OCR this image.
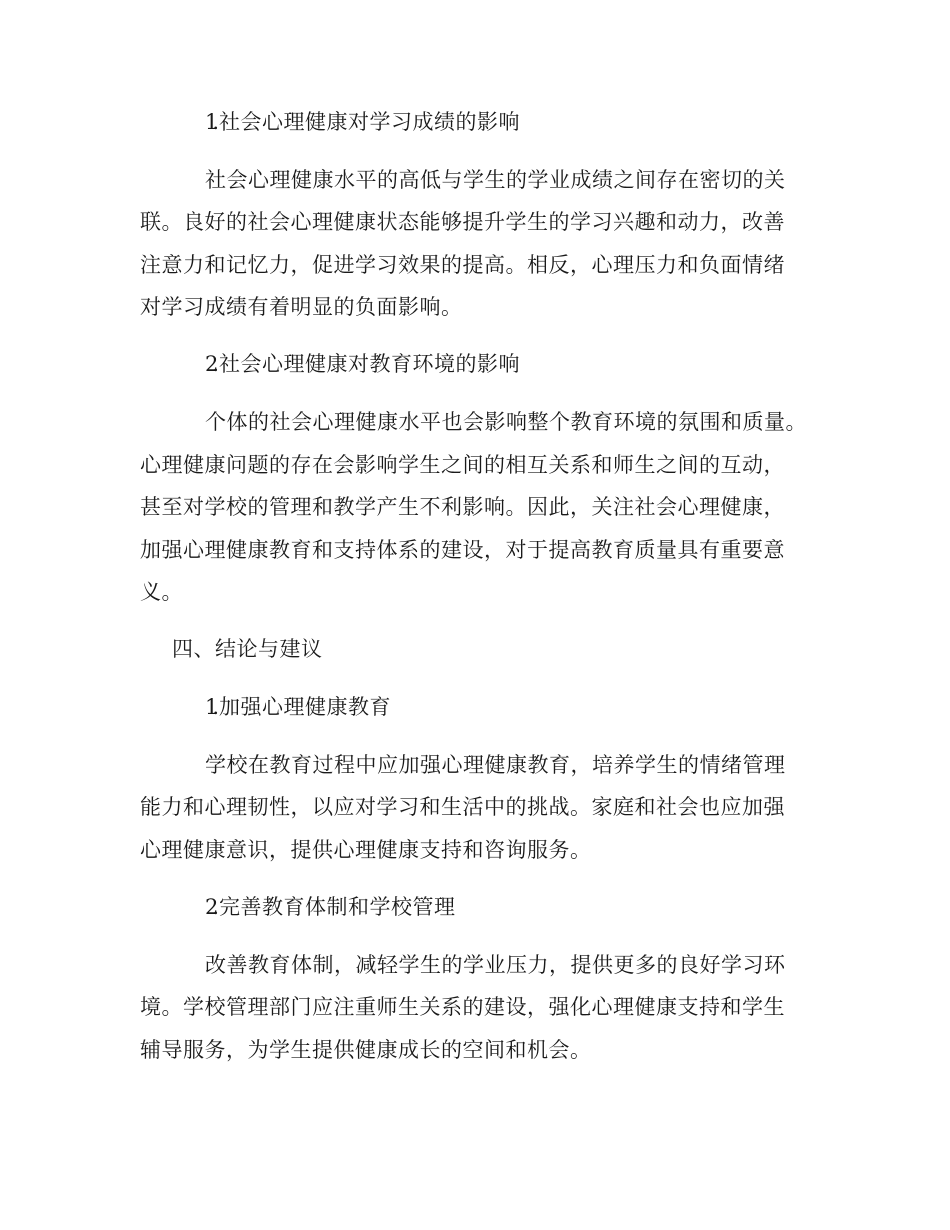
1. 社会心理健康对学习成绩的影响
社会心理健康水平的高低与学生的学业成绩之间存在密切的关
联。良好的社会心理健康状态能够提升学生的学习兴趣和动力，改善
注意力和记忆力，促进学习效果的提高。相反，心理压力和负面情绪
对学习成绩有着明显的负面影响。
2. 社会心理健康对教育环境的影响
个体的社会心理健康水平也会影响整个教育环境的氛围和质量。
心理健康问题的存在会影响学生之间的相互关系和师生之间的互动，
甚至对学校的管理和教学产生不利影响。因此，关注社会心理健康，
加强心理健康教育和支持体系的建设，对于提高教育质量具有重要意
义。
四、结论与建议
1. 加强心理健康教育
学校在教育过程中应加强心理健康教育，培养学生的情绪管理
能力和心理韧性，以应对学习和生活中的挑战。家庭和社会也应加强
心理健康意识，提供心理健康支持和咨询服务。
2. 完善教育体制和学校管理
改善教育体制，减轻学生的学业压力，提供更多的良好学习环
境。学校管理部门应注重师生关系的建设，强化心理健康支持和学生
辅导服务，为学生提供健康成长的空间和机会。
